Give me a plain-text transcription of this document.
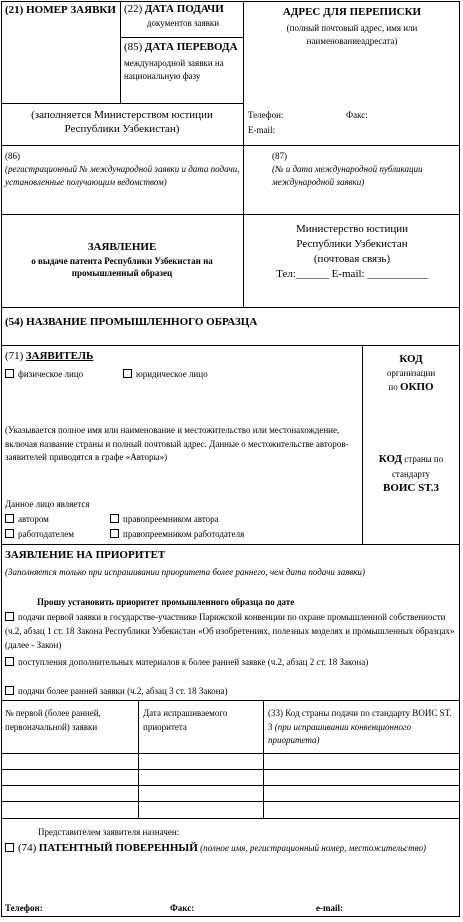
(21) НОМЕР ЗАЯВКИ (22) ДАТА ПОДАЧИ
документов заявки
(85) ДАТА ПЕРЕВОДА
международной заявки на национальную фазу
(заполняется Министерством юстиции Республики Узбекистан)
АДРЕС ДЛЯ ПЕРЕПИСКИ
(полный почтовый адрес, имя или наименованиеадресата)
Телефон:	Факс:
E-mail:
(86)
(регистрационный № международной заявки и дата подачи, установленные получающим ведомством)
(87)
(№ и дата международной публикации международной заявки)
ЗАЯВЛЕНИЕ
о выдаче патента Республики Узбекистан на промышленный образец
Министерство юстиции
Республики Узбекистан
(почтовая связь)
Тел:______ E-mail: ___________
(54) НАЗВАНИЕ ПРОМЫШЛЕННОГО ОБРАЗЦА
(71) ЗАЯВИТЕЛЬ
физическое лицо	юридическое лицо
(Указывается полное имя или наименование и местожительство или местонахождение, включая название страны и полный почтовый адрес. Данные о местожительстве авторов-заявителей приводятся в графе «Авторы»)
Данное лицо является
автором	правопреемником автора
работодателем	правопреемником работодателя
КОД
организации
по ОКПО
КОД страны по стандарту
ВОИС ST.3
ЗАЯВЛЕНИЕ НА ПРИОРИТЕТ
(Заполняется только при испрашивании приоритета более раннего, чем дата подачи заявки)
Прошу установить приоритет промышленного образца по дате
подачи первой заявки в государстве-участнике Парижской конвенции по охране промышленной собственности (ч.2, абзац 1 ст. 18 Закона Республики Узбекистан «Об изобретениях, полезных моделях и промышленных образцах» (далее - Закон)
поступления дополнительных материалов к более ранней заявке (ч.2, абзац 2 ст. 18 Закона)
подачи более ранней заявки (ч.2, абзац 3 ст. 18 Закона)
№ первой (более ранней, первоначальной) заявки
Дата испрашиваемого приоритета
(33) Код страны подачи по стандарту ВОИС ST. 3 (при испрашивании конвенционного приоритета)
Представителем заявителя назначен:
(74) ПАТЕНТНЫЙ ПОВЕРЕННЫЙ (полное имя, регистрационный номер, местожительство)
Телефон:	Факс:	e-mail:
